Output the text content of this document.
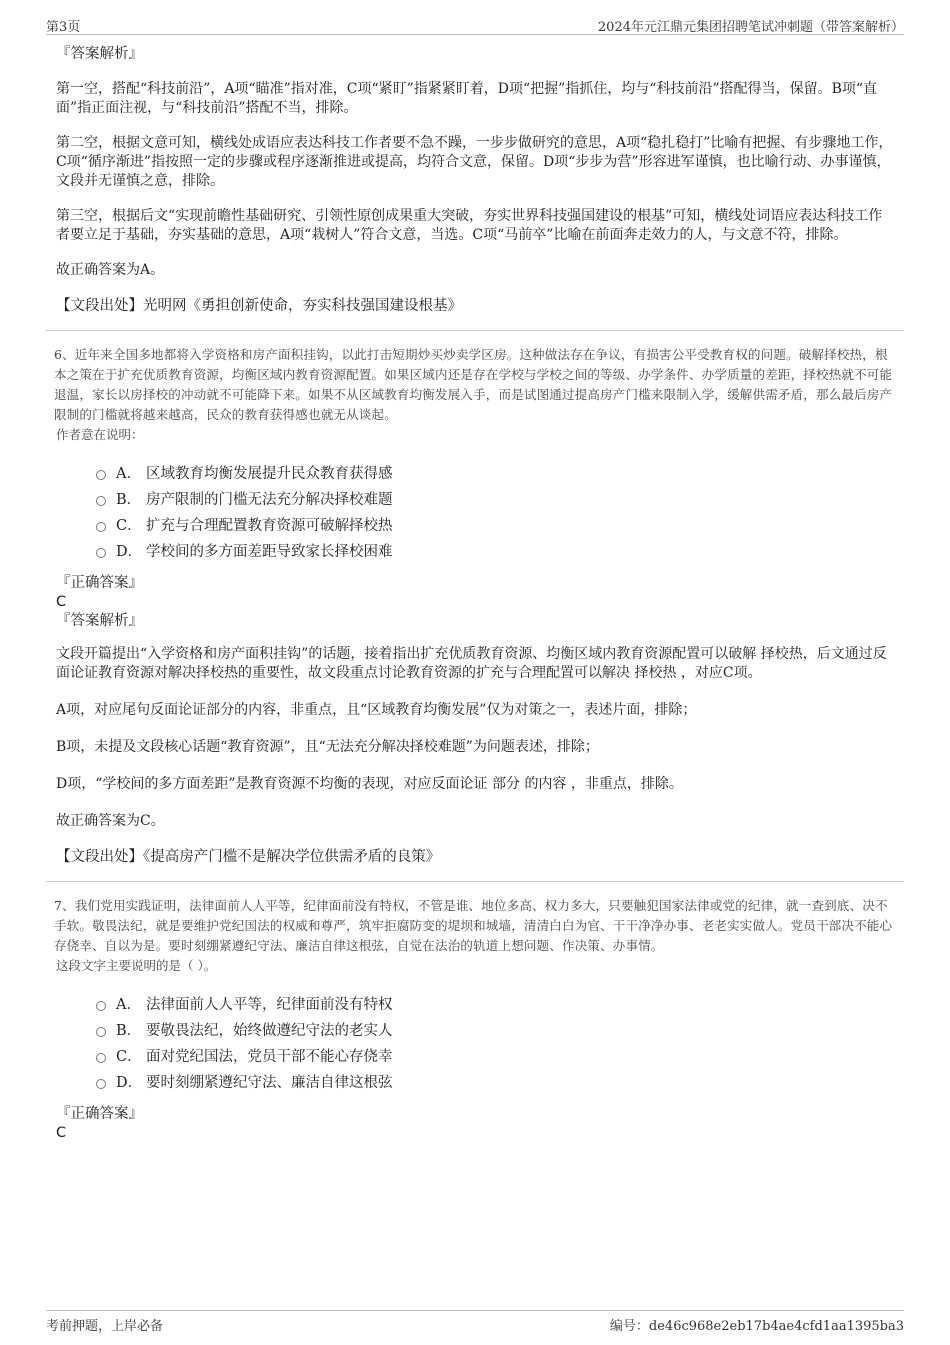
第3页	2024年元江鼎元集团招聘笔试冲刺题（带答案解析）

『答案解析』

第一空，搭配“科技前沿”，A项“瞄准”指对准，C项“紧盯”指紧紧盯着，D项“把握”指抓住，均与“科技前沿”搭配得当，保留。B项“直面”指正面注视，与“科技前沿”搭配不当，排除。

第二空，根据文意可知，横线处成语应表达科技工作者要不急不躁，一步步做研究的意思，A项“稳扎稳打”比喻有把握、有步骤地工作，C项“循序渐进”指按照一定的步骤或程序逐渐推进或提高，均符合文意，保留。D项“步步为营”形容进军谨慎，也比喻行动、办事谨慎，文段并无谨慎之意，排除。

第三空，根据后文“实现前瞻性基础研究、引领性原创成果重大突破，夯实世界科技强国建设的根基”可知，横线处词语应表达科技工作者要立足于基础，夯实基础的意思，A项“栽树人”符合文意，当选。C项“马前卒”比喻在前面奔走效力的人，与文意不符，排除。

故正确答案为A。

【文段出处】光明网《勇担创新使命，夯实科技强国建设根基》

6、近年来全国多地都将入学资格和房产面积挂钩，以此打击短期炒买炒卖学区房。这种做法存在争议，有损害公平受教育权的问题。破解择校热，根本之策在于扩充优质教育资源，均衡区域内教育资源配置。如果区域内还是存在学校与学校之间的等级、办学条件、办学质量的差距，择校热就不可能退温，家长以房择校的冲动就不可能降下来。如果不从区域教育均衡发展入手，而是试图通过提高房产门槛来限制入学，缓解供需矛盾，那么最后房产限制的门槛就将越来越高，民众的教育获得感也就无从谈起。

作者意在说明：

A． 区域教育均衡发展提升民众教育获得感
B． 房产限制的门槛无法充分解决择校难题
C． 扩充与合理配置教育资源可破解择校热
D． 学校间的多方面差距导致家长择校困难

『正确答案』

C

『答案解析』

文段开篇提出“入学资格和房产面积挂钩”的话题，接着指出扩充优质教育资源、均衡区域内教育资源配置可以破解 择校热，后文通过反面论证教育资源对解决择校热的重要性，故文段重点讨论教育资源的扩充与合理配置可以解决 择校热 ，对应C项。

A项，对应尾句反面论证部分的内容，非重点，且“区域教育均衡发展”仅为对策之一，表述片面，排除；

B项，未提及文段核心话题“教育资源”，且“无法充分解决择校难题”为问题表述，排除；

D项，“学校间的多方面差距”是教育资源不均衡的表现，对应反面论证 部分 的内容 ，非重点，排除。

故正确答案为C。

【文段出处】《提高房产门槛不是解决学位供需矛盾的良策》

7、我们党用实践证明，法律面前人人平等，纪律面前没有特权，不管是谁、地位多高、权力多大，只要触犯国家法律或党的纪律，就一查到底、决不手软。敬畏法纪，就是要维护党纪国法的权威和尊严，筑牢拒腐防变的堤坝和城墙，清清白白为官、干干净净办事、老老实实做人。党员干部决不能心存侥幸、自以为是。要时刻绷紧遵纪守法、廉洁自律这根弦，自觉在法治的轨道上想问题、作决策、办事情。

这段文字主要说明的是（ ）。

A． 法律面前人人平等，纪律面前没有特权
B． 要敬畏法纪，始终做遵纪守法的老实人
C． 面对党纪国法，党员干部不能心存侥幸
D． 要时刻绷紧遵纪守法、廉洁自律这根弦

『正确答案』

C

考前押题，上岸必备	编号：de46c968e2eb17b4ae4cfd1aa1395ba3
